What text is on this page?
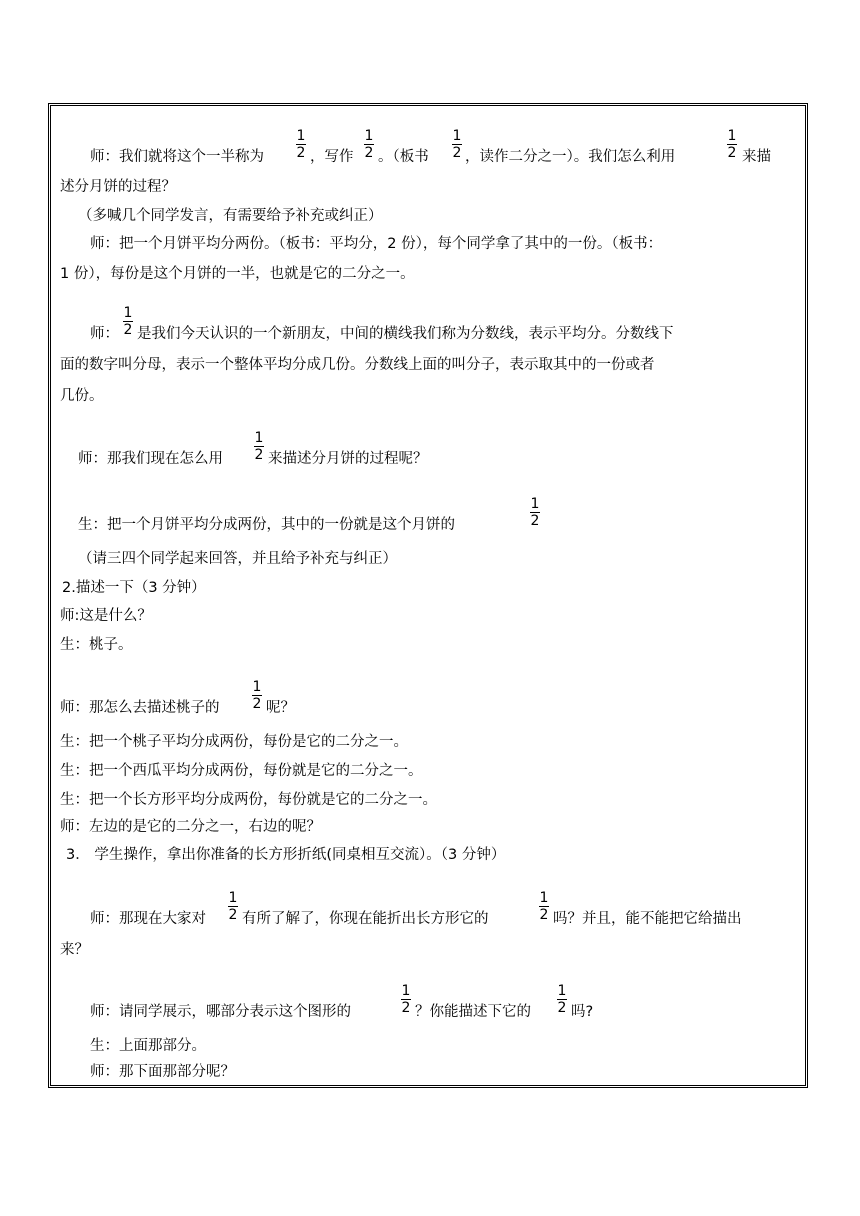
师：我们就将这个一半称为
1
2 ，写作
1
2 。（板书
1
2 ，读作二分之一）。我们怎么利用
1
2 来描
述分月饼的过程？
（多喊几个同学发言，有需要给予补充或纠正）
师：把一个月饼平均分两份。（板书：平均分，2 份），每个同学拿了其中的一份。（板书：
1 份），每份是这个月饼的一半，也就是它的二分之一。
师：
1
2 是我们今天认识的一个新朋友，中间的横线我们称为分数线，表示平均分。分数线下
面的数字叫分母，表示一个整体平均分成几份。分数线上面的叫分子，表示取其中的一份或者
几份。
师：那我们现在怎么用
1
2 来描述分月饼的过程呢？
生：把一个月饼平均分成两份，其中的一份就是这个月饼的
1
2
（请三四个同学起来回答，并且给予补充与纠正）
2.描述一下（3 分钟）
师:这是什么？
生：桃子。
师：那怎么去描述桃子的
1
2 呢？
生：把一个桃子平均分成两份，每份是它的二分之一。
生：把一个西瓜平均分成两份，每份就是它的二分之一。
生：把一个长方形平均分成两份，每份就是它的二分之一。
师：左边的是它的二分之一，右边的呢？
3． 学生操作，拿出你准备的长方形折纸(同桌相互交流）。（3 分钟）
师：那现在大家对
1
2 有所了解了，你现在能折出长方形它的
1
2 吗？并且，能不能把它给描出
来？
师：请同学展示，哪部分表示这个图形的
1
2 ？你能描述下它的
1
2 吗?
生：上面那部分。
师：那下面那部分呢？
